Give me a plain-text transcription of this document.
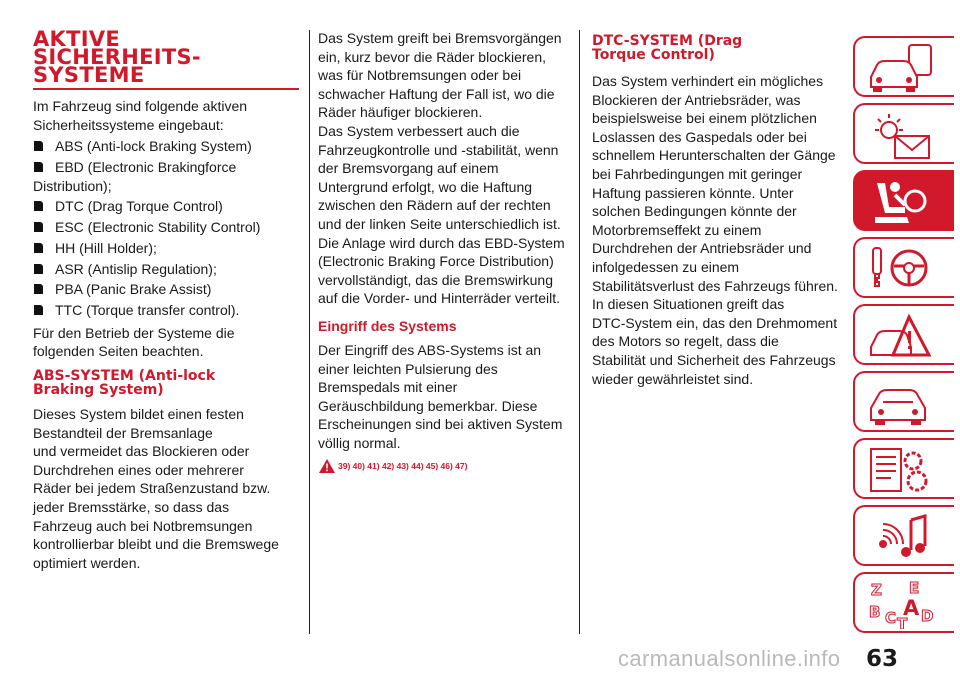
AKTIVE
SICHERHEITS-
SYSTEME

Im Fahrzeug sind folgende aktiven
Sicherheitssysteme eingebaut:

ABS (Anti-lock Braking System)
EBD (Electronic Brakingforce
Distribution);
DTC (Drag Torque Control)
ESC (Electronic Stability Control)
HH (Hill Holder);
ASR (Antislip Regulation);
PBA (Panic Brake Assist)
TTC (Torque transfer control).

Für den Betrieb der Systeme die
folgenden Seiten beachten.

ABS-SYSTEM (Anti-lock
Braking System)

Dieses System bildet einen festen
Bestandteil der Bremsanlage
und vermeidet das Blockieren oder
Durchdrehen eines oder mehrerer
Räder bei jedem Straßenzustand bzw.
jeder Bremsstärke, so dass das
Fahrzeug auch bei Notbremsungen
kontrollierbar bleibt und die Bremswege
optimiert werden.

Das System greift bei Bremsvorgängen
ein, kurz bevor die Räder blockieren,
was für Notbremsungen oder bei
schwacher Haftung der Fall ist, wo die
Räder häufiger blockieren.
Das System verbessert auch die
Fahrzeugkontrolle und -stabilität, wenn
der Bremsvorgang auf einem
Untergrund erfolgt, wo die Haftung
zwischen den Rädern auf der rechten
und der linken Seite unterschiedlich ist.
Die Anlage wird durch das EBD-System
(Electronic Braking Force Distribution)
vervollständigt, das die Bremswirkung
auf die Vorder- und Hinterräder verteilt.

Eingriff des Systems

Der Eingriff des ABS-Systems ist an
einer leichten Pulsierung des
Bremspedals mit einer
Geräuschbildung bemerkbar. Diese
Erscheinungen sind bei aktiven System
völlig normal.

39) 40) 41) 42) 43) 44) 45) 46) 47)
DTC-SYSTEM (Drag
Torque Control)

Das System verhindert ein mögliches
Blockieren der Antriebsräder, was
beispielsweise bei einem plötzlichen
Loslassen des Gaspedals oder bei
schnellem Herunterschalten der Gänge
bei Fahrbedingungen mit geringer
Haftung passieren könnte. Unter
solchen Bedingungen könnte der
Motorbremseffekt zu einem
Durchdrehen der Antriebsräder und
infolgedessen zu einem
Stabilitätsverlust des Fahrzeugs führen.
In diesen Situationen greift das
DTC-System ein, das den Drehmoment
des Motors so regelt, dass die
Stabilität und Sicherheit des Fahrzeugs
wieder gewährleistet sind.

Z E
B A
C D
T
63
carmanualsonline.info
